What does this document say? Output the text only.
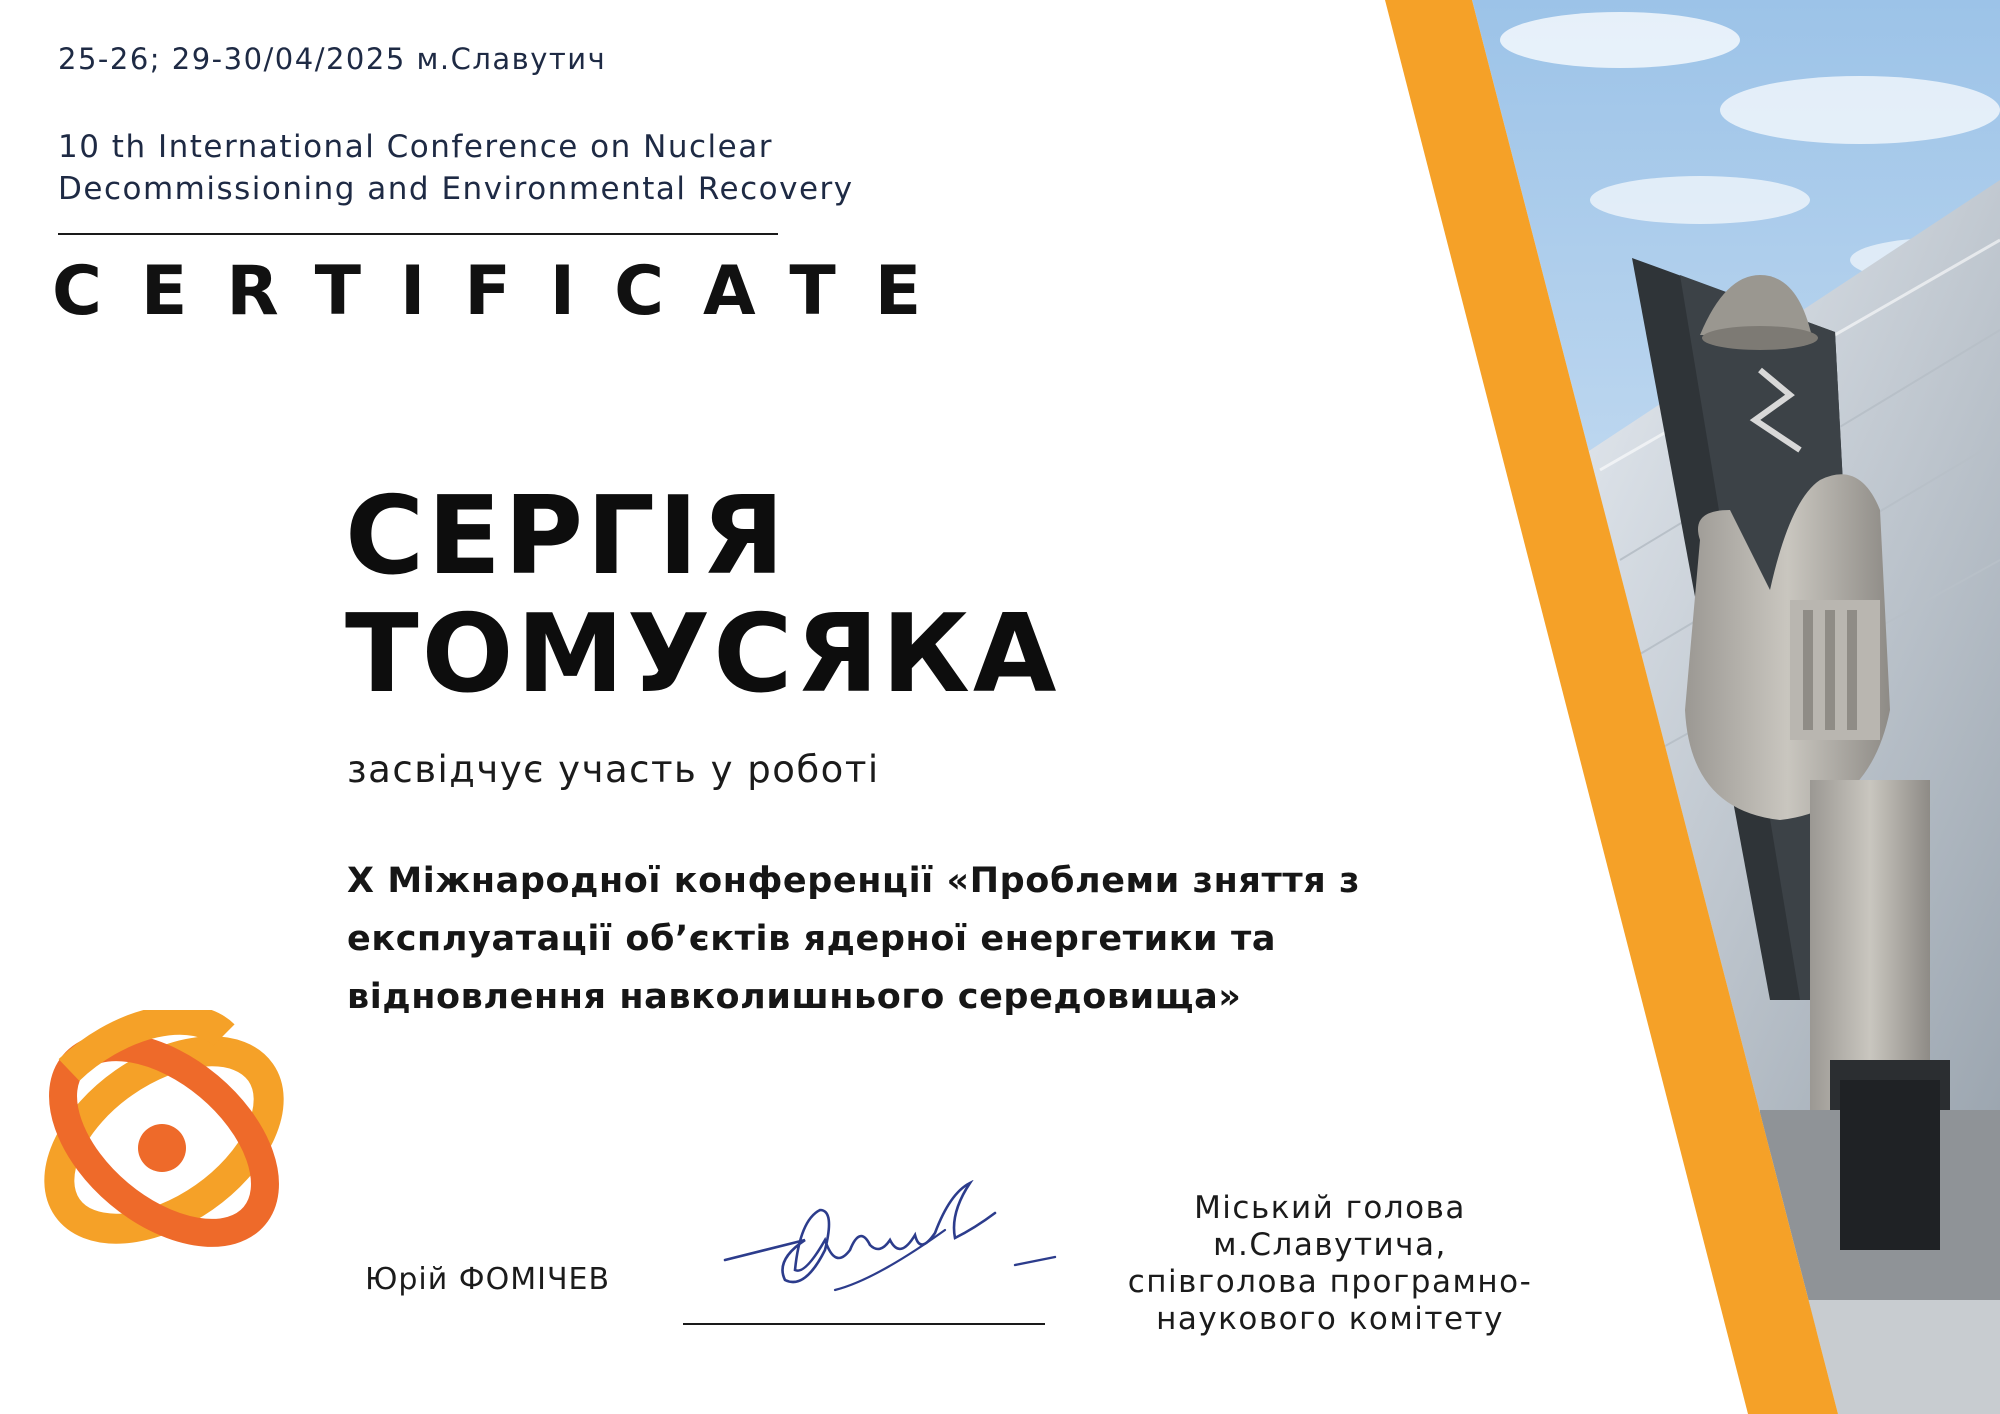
25-26; 29-30/04/2025 м.Славутич
10 th International Conference on Nuclear
Decommissioning and Environmental Recovery
CERTIFICATE
СЕРГІЯ
ТОМУСЯКА
засвідчує участь у роботі
X Міжнародної конференції «Проблеми зняття з
експлуатації об’єктів ядерної енергетики та
відновлення навколишнього середовища»
Юрій ФОМІЧЕВ
Міський голова
м.Славутича,
співголова програмно-
наукового комітету
